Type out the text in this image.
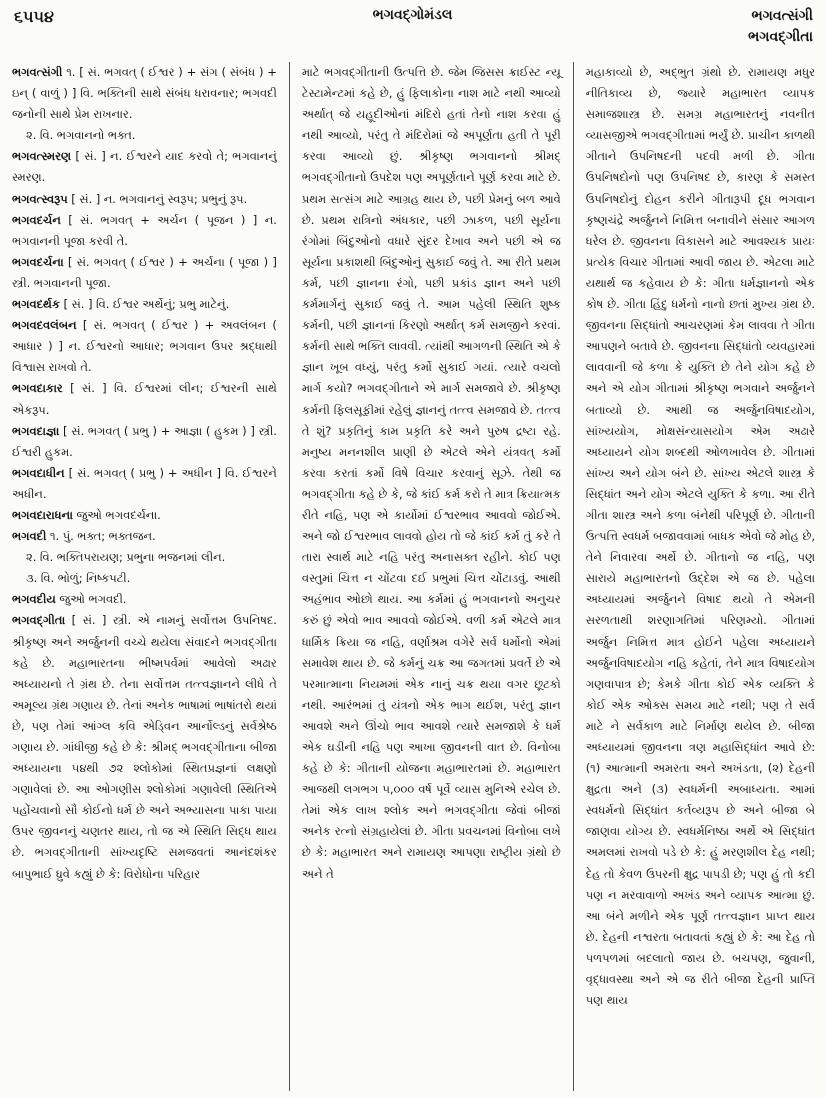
૬૫૫૪	ભગવદ્ગોમંડલ	ભગવત્સંગી
ભગવદ્ગીતા

ભગવત્સંગી ૧. [ સં. ભગવત્ ( ઈશ્વર ) + સંગ ( સંબંધ ) + ઇન્ ( વાળું ) ] વિ. ભક્તિની સાથે સંબંધ ધરાવનાર; ભગવદી જનોની સાથે પ્રેમ રાખનાર.

૨. વિ. ભગવાનનો ભક્ત.

ભગવત્સ્મરણ [ સં. ] ન. ઈશ્વરને યાદ કરવો તે; ભગવાનનું સ્મરણ.

ભગવત્સ્વરૂપ [ સં. ] ન. ભગવાનનું સ્વરૂપ; પ્રભુનું રૂપ.

ભગવદર્ચન [ સં. ભગવત્ + અર્ચન ( પૂજન ) ] ન. ભગવાનની પૂજા કરવી તે.

ભગવદર્ચના [ સં. ભગવત્ ( ઈશ્વર ) + અર્ચના ( પૂજા ) ] સ્ત્રી. ભગવાનની પૂજા.

ભગવદર્થક [ સં. ] વિ. ઈશ્વર અર્થેનું; પ્રભુ માટેનું.

ભગવદવલંબન [ સં. ભગવત્ ( ઈશ્વર ) + અવલંબન ( આધાર ) ] ન. ઈશ્વરનો આધાર; ભગવાન ઉપર શ્રદ્ધાથી વિશ્વાસ રાખવો તે.

ભગવદાકાર [ સં. ] વિ. ઈશ્વરમાં લીન; ઈશ્વરની સાથે એકરૂપ.

ભગવદાજ્ઞા [ સં. ભગવત્ ( પ્રભુ ) + આજ્ઞા ( હુકમ ) ] સ્ત્રી. ઈશ્વરી હુકમ.

ભગવદાધીન [ સં. ભગવત્ ( પ્રભુ ) + અધીન ] વિ. ઈશ્વરને અધીન.

ભગવદારાધના જુઓ ભગવદર્ચના.

ભગવદી ૧. પું. ભક્ત; ભક્તજન.

૨. વિ. ભક્તિપરાયણ; પ્રભુના ભજનમાં લીન.

૩. વિ. ભોળું; નિષ્કપટી.

ભગવદીય જુઓ ભગવદી.

ભગવદ્ગીતા [ સં. ] સ્ત્રી. એ નામનું સર્વોત્તમ ઉપનિષદ. શ્રીકૃષ્ણ અને અર્જુનની વચ્ચે થયેલા સંવાદને ભગવદ્ગીતા કહે છે. મહાભારતના ભીષ્મપર્વમાં આવેલો અઢાર અધ્યાયનો તે ગ્રંથ છે. તેના સર્વોત્તમ તત્ત્વજ્ઞાનને લીધે તે અમૂલ્ય ગ્રંથ ગણાય છે. તેનાં અનેક ભાષામાં ભાષાંતરો થયાં છે, પણ તેમાં આંગ્લ કવિ એડ્વિન આર્નોલ્ડનું સર્વશ્રેષ્ઠ ગણાય છે. ગાંધીજી કહે છે કે: શ્રીમદ્ ભગવદ્ગીતાના બીજા અધ્યાયના ૫૪થી ૭૨ શ્લોકોમાં સ્થિતપ્રજ્ઞનાં લક્ષણો ગણાવેલાં છે. આ ઓગણીસ શ્લોકોમાં ગણાવેલી સ્થિતિએ પહોંચવાનો સૌ કોઈનો ધર્મ છે અને અભ્યાસના પાકા પાયા ઉપર જીવનનું ચણતર થાય, તો જ એ સ્થિતિ સિદ્ધ થાય છે. ભગવદ્ગીતાની સાંખ્યદૃષ્ટિ સમજવતાં આનંદશંકર બાપુભાઈ ધ્રુવે કહ્યું છે કે: વિરોધોના પરિહાર

માટે ભગવદ્ગીતાની ઉત્પત્તિ છે. જેમ જિસસ ક્રાઈસ્ટ ન્યૂ ટેસ્ટામેન્ટમાં કહે છે, હું ફિલાકોના નાશ માટે નથી આવ્યો અર્થાત્ જે યહૂદીઓનાં મંદિરો હતાં તેનો નાશ કરવા હું નથી આવ્યો, પરંતુ તે મંદિરોમાં જે અપૂર્ણતા હતી તે પૂરી કરવા આવ્યો છું. શ્રીકૃષ્ણ ભગવાનનો શ્રીમદ્ ભગવદ્ગીતાનો ઉપદેશ પણ અપૂર્ણતાને પૂર્ણ કરવા માટે છે. પ્રથમ સત્સંગ માટે આગ્રહ થાય છે, પછી પ્રેમનું બળ આવે છે. પ્રથમ રાત્રિનો અંધકાર, પછી ઝાકળ, પછી સૂર્યના રંગોમાં બિંદુઓનો વધારે સુંદર દેખાવ અને પછી એ જ સૂર્યના પ્રકાશથી બિંદુઓનું સુકાઈ જવું તે. આ રીતે પ્રથમ કર્મ, પછી જ્ઞાનના રંગો, પછી પ્રકાંડ જ્ઞાન અને પછી કર્મમાર્ગનું સુકાઈ જવું તે. આમ પહેલી સ્થિતિ શુષ્ક કર્મની, પછી જ્ઞાનનાં કિરણો અર્થાત્ કર્મ સમજીને કરવાં. કર્મની સાથે ભક્તિ લાવવી. ત્યાંથી આગળની સ્થિતિ એ કે જ્ઞાન ખૂબ વધ્યું, પરંતુ કર્મો સુકાઈ ગયાં. ત્યારે વચલો માર્ગ કયો? ભગવદ્ગીતાને એ માર્ગ સમજાવે છે. શ્રીકૃષ્ણ કર્મની ફિલસૂફીમાં રહેલું જ્ઞાનનું તત્ત્વ સમજાવે છે. તત્ત્વ તે શું? પ્રકૃતિનું કામ પ્રકૃતિ કરે અને પુરુષ દ્રષ્ટા રહે. મનુષ્ય મનનશીલ પ્રાણી છે એટલે એને યંત્રવત્ કર્મો કરવા કરતાં કર્મો વિષે વિચાર કરવાનું સૂઝે. તેથી જ ભગવદ્ગીતા કહે છે કે, જે કાંઈ કર્મ કરો તે માત્ર ક્રિયાત્મક રીતે નહિ, પણ એ કાર્યોમાં ઈશ્વરભાવ આવવો જોઈએ. અને જો ઈશ્વરભાવ લાવવો હોય તો જે કાંઈ કર્મ તું કરે તે તારા સ્વાર્થ માટે નહિ પરંતુ અનાસક્ત રહીને. કોઈ પણ વસ્તુમાં ચિત્ત ન ચોંટવા દઈ પ્રભુમાં ચિત્ત ચોંટાડવું. આથી અહંભાવ ઓછો થાય. આ કર્મમાં હું ભગવાનનો અનુચર કરું છું એવો ભાવ આવવો જોઈએ. વળી કર્મ એટલે માત્ર ધાર્મિક ક્રિયા જ નહિ, વર્ણાશ્રમ વગેરે સર્વ ધર્મોનો એમાં સમાવેશ થાય છે. જે કર્મનું ચક્ર આ જગતમાં પ્રવર્તે છે એ પરમાત્માના નિયમમાં એક નાનું ચક્ર થયા વગર છૂટકો નથી. આરંભમાં તું યંત્રનો એક ભાગ થઈશ, પરંતુ જ્ઞાન આવશે અને ઊંચો ભાવ આવશે ત્યારે સમજાશે કે ધર્મ એક ઘડીની નહિ પણ આખા જીવનની વાત છે. વિનોબા કહે છે કે: ગીતાની યોજના મહાભારતમાં છે. મહાભારત આજથી લગભગ ૫,૦૦૦ વર્ષ પૂર્વે વ્યાસ મુનિએ રચેલ છે. તેમાં એક લાખ શ્લોક અને ભગવદ્ગીતા જેવાં બીજાં અનેક રત્નો સંગ્રહાયેલાં છે. ગીતા પ્રવચનમાં વિનોબા લખે છે કે: મહાભારત અને રામાયણ આપણા રાષ્ટ્રીય ગ્રંથો છે અને તે

મહાકાવ્યો છે, અદ્ભુત ગ્રંથો છે. રામાયણ મધુર નીતિકાવ્ય છે, જ્યારે મહાભારત વ્યાપક સમાજશાસ્ત્ર છે. સમગ્ર મહાભારતનું નવનીત વ્યાસજીએ ભગવદ્ગીતામાં ભર્યું છે. પ્રાચીન કાળથી ગીતાને ઉપનિષદની પદવી મળી છે. ગીતા ઉપનિષદોનો પણ ઉપનિષદ છે, કારણ કે સમસ્ત ઉપનિષદોનું દોહન કરીને ગીતારૂપી દૂધ ભગવાન કૃષ્ણચંદ્રે અર્જુનને નિમિત્ત બનાવીને સંસાર આગળ ધરેલ છે. જીવનના વિકાસને માટે આવશ્યક પ્રાયઃ પ્રત્યેક વિચાર ગીતામાં આવી જાય છે. એટલા માટે યથાર્થ જ કહેવાય છે કે: ગીતા ધર્મજ્ઞાનનો એક કોષ છે. ગીતા હિંદુ ધર્મનો નાનો છતાં મુખ્ય ગ્રંથ છે. જીવનના સિદ્ધાંતો આચરણમાં કેમ લાવવા તે ગીતા આપણને બતાવે છે. જીવનના સિદ્ધાંતો વ્યવહારમાં લાવવાની જે કળા કે યુક્તિ છે તેને યોગ કહે છે અને એ યોગ ગીતામાં શ્રીકૃષ્ણ ભગવાને અર્જુનને બતાવ્યો છે. આથી જ અર્જુનવિષાદયોગ, સાંખ્યયોગ, મોક્ષસંન્યાસયોગ એમ અઢારે અધ્યાયને યોગ શબ્દથી ઓળખાવેલ છે. ગીતામાં સાંખ્ય અને યોગ બંને છે. સાંખ્ય એટલે શાસ્ત્ર કે સિદ્ધાંત અને યોગ એટલે યુક્તિ કે કળા. આ રીતે ગીતા શાસ્ત્ર અને કળા બંનેથી પરિપૂર્ણ છે. ગીતાની ઉત્પત્તિ સ્વધર્મ બજાવવામાં બાધક એવો જે મોહ છે, તેને નિવારવા અર્થે છે. ગીતાનો જ નહિ, પણ સારાયે મહાભારતનો ઉદ્દેશ એ જ છે. પહેલા અધ્યાયમાં અર્જુનને વિષાદ થયો તે એમની સરળતાથી શરણાગતિમાં પરિણમ્યો. ગીતામાં અર્જુન નિમિત્ત માત્ર હોઈને પહેલા અધ્યાયને અર્જુનવિષાદયોગ નહિ કહેતાં, તેને માત્ર વિષાદયોગ ગણવાપાત્ર છે; કેમકે ગીતા કોઈ એક વ્યક્તિ કે કોઈ એક ઓક્સ સમય માટે નથી; પણ તે સર્વ માટે ને સર્વકાળ માટે નિર્માણ થયેલ છે. બીજા અધ્યાયમાં જીવનના ત્રણ મહાસિદ્ધાંત આવે છે: (૧) આત્માની અમરતા અને અખંડતા, (૨) દેહની ક્ષુદ્રતા અને (૩) સ્વધર્મની અબાધ્યતા. આમાં સ્વધર્મનો સિદ્ધાંત કર્તવ્યરૂપ છે અને બીજા બે જાણવા યોગ્ય છે. સ્વધર્મનિષ્ઠા અર્થે એ સિદ્ધાંત અમલમાં રાખવો પડે છે કે: હું મરણશીલ દેહ નથી; દેહ તો કેવળ ઉપરની ક્ષુદ્ર પાપડી છે; પણ હું તો કદી પણ ન મરવાવાળો અખંડ અને વ્યાપક આત્મા છું. આ બંને મળીને એક પૂર્ણ તત્ત્વજ્ઞાન પ્રાપ્ત થાય છે. દેહની નશ્વરતા બતાવતાં કહ્યું છે કે: આ દેહ તો પળપળમાં બદલાતો જાય છે. બચપણ, જુવાની, વૃદ્ધાવસ્થા અને એ જ રીતે બીજા દેહની પ્રાપ્તિ પણ થાય
